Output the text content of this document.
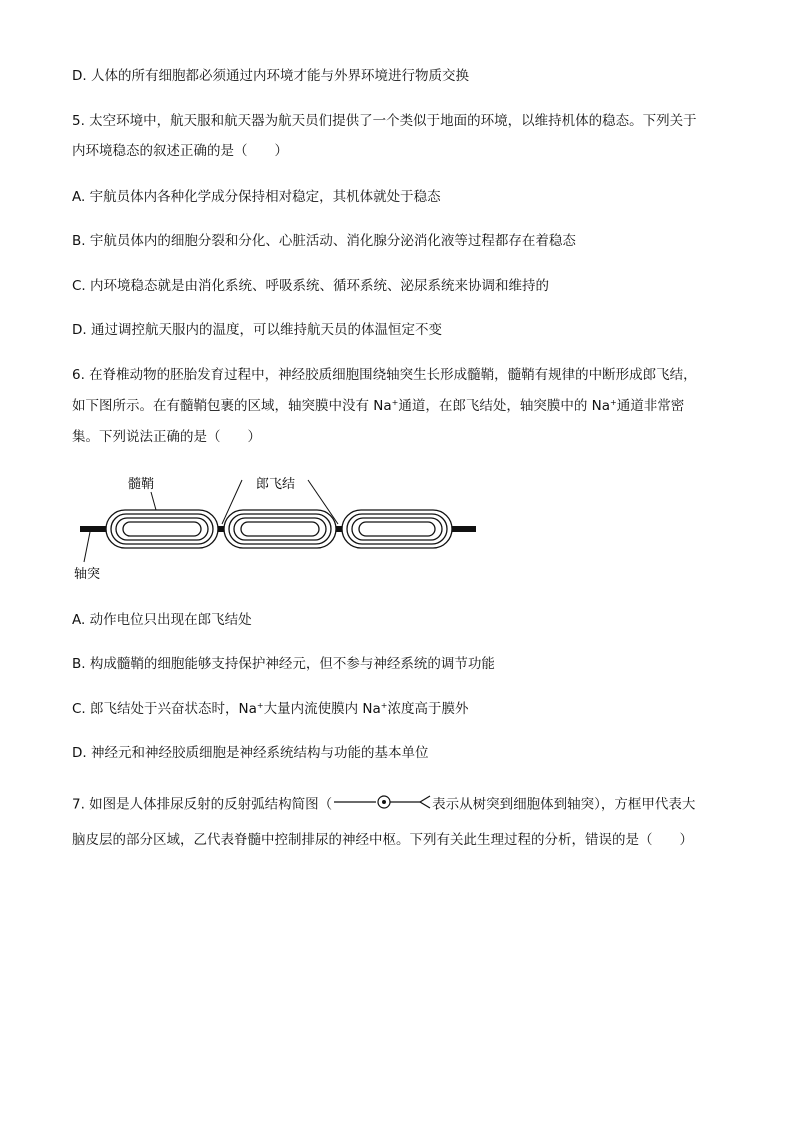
D. 人体的所有细胞都必须通过内环境才能与外界环境进行物质交换
5. 太空环境中，航天服和航天器为航天员们提供了一个类似于地面的环境，以维持机体的稳态。下列关于
内环境稳态的叙述正确的是（　　）
A. 宇航员体内各种化学成分保持相对稳定，其机体就处于稳态
B. 宇航员体内的细胞分裂和分化、心脏活动、消化腺分泌消化液等过程都存在着稳态
C. 内环境稳态就是由消化系统、呼吸系统、循环系统、泌尿系统来协调和维持的
D. 通过调控航天服内的温度，可以维持航天员的体温恒定不变
6. 在脊椎动物的胚胎发育过程中，神经胶质细胞围绕轴突生长形成髓鞘，髓鞘有规律的中断形成郎飞结，
如下图所示。在有髓鞘包裹的区域，轴突膜中没有 Na+通道，在郎飞结处，轴突膜中的 Na+通道非常密
集。下列说法正确的是（　　）
髓鞘	郎飞结
轴突
A. 动作电位只出现在郎飞结处
B. 构成髓鞘的细胞能够支持保护神经元，但不参与神经系统的调节功能
C. 郎飞结处于兴奋状态时，Na+大量内流使膜内 Na+浓度高于膜外
D. 神经元和神经胶质细胞是神经系统结构与功能的基本单位
7. 如图是人体排尿反射的反射弧结构简图（	表示从树突到细胞体到轴突），方框甲代表大
脑皮层的部分区域，乙代表脊髓中控制排尿的神经中枢。下列有关此生理过程的分析，错误的是（　　）
